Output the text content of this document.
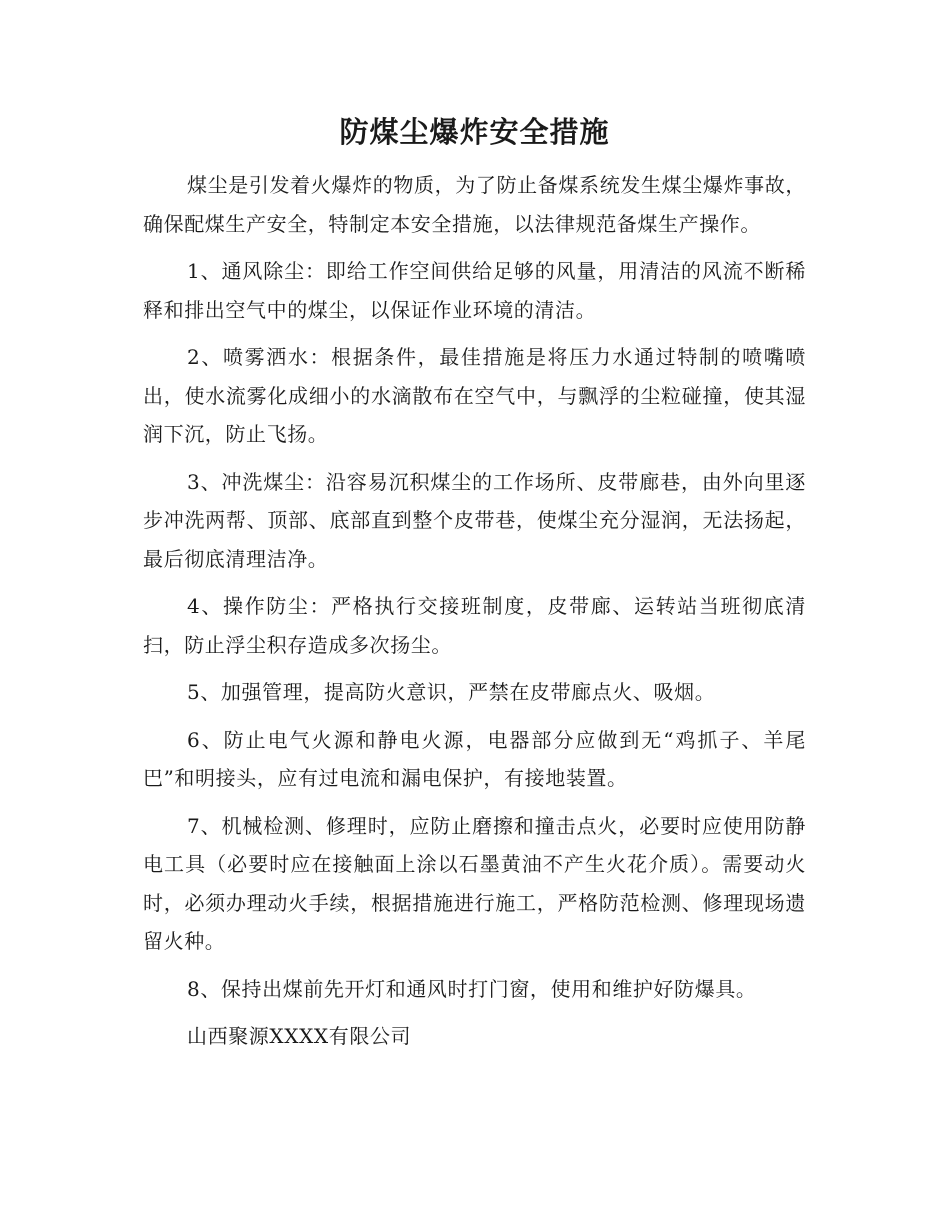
防煤尘爆炸安全措施

煤尘是引发着火爆炸的物质，为了防止备煤系统发生煤尘爆炸事故，确保配煤生产安全，特制定本安全措施，以法律规范备煤生产操作。

1、通风除尘：即给工作空间供给足够的风量，用清洁的风流不断稀释和排出空气中的煤尘，以保证作业环境的清洁。

2、喷雾洒水：根据条件，最佳措施是将压力水通过特制的喷嘴喷出，使水流雾化成细小的水滴散布在空气中，与飘浮的尘粒碰撞，使其湿润下沉，防止飞扬。

3、冲洗煤尘：沿容易沉积煤尘的工作场所、皮带廊巷，由外向里逐步冲洗两帮、顶部、底部直到整个皮带巷，使煤尘充分湿润，无法扬起，最后彻底清理洁净。

4、操作防尘：严格执行交接班制度，皮带廊、运转站当班彻底清扫，防止浮尘积存造成多次扬尘。

5、加强管理，提高防火意识，严禁在皮带廊点火、吸烟。

6、防止电气火源和静电火源，电器部分应做到无“鸡抓子、羊尾巴”和明接头，应有过电流和漏电保护，有接地装置。

7、机械检测、修理时，应防止磨擦和撞击点火，必要时应使用防静电工具（必要时应在接触面上涂以石墨黄油不产生火花介质）。需要动火时，必须办理动火手续，根据措施进行施工，严格防范检测、修理现场遗留火种。

8、保持出煤前先开灯和通风时打门窗，使用和维护好防爆具。

山西聚源XXXX有限公司
